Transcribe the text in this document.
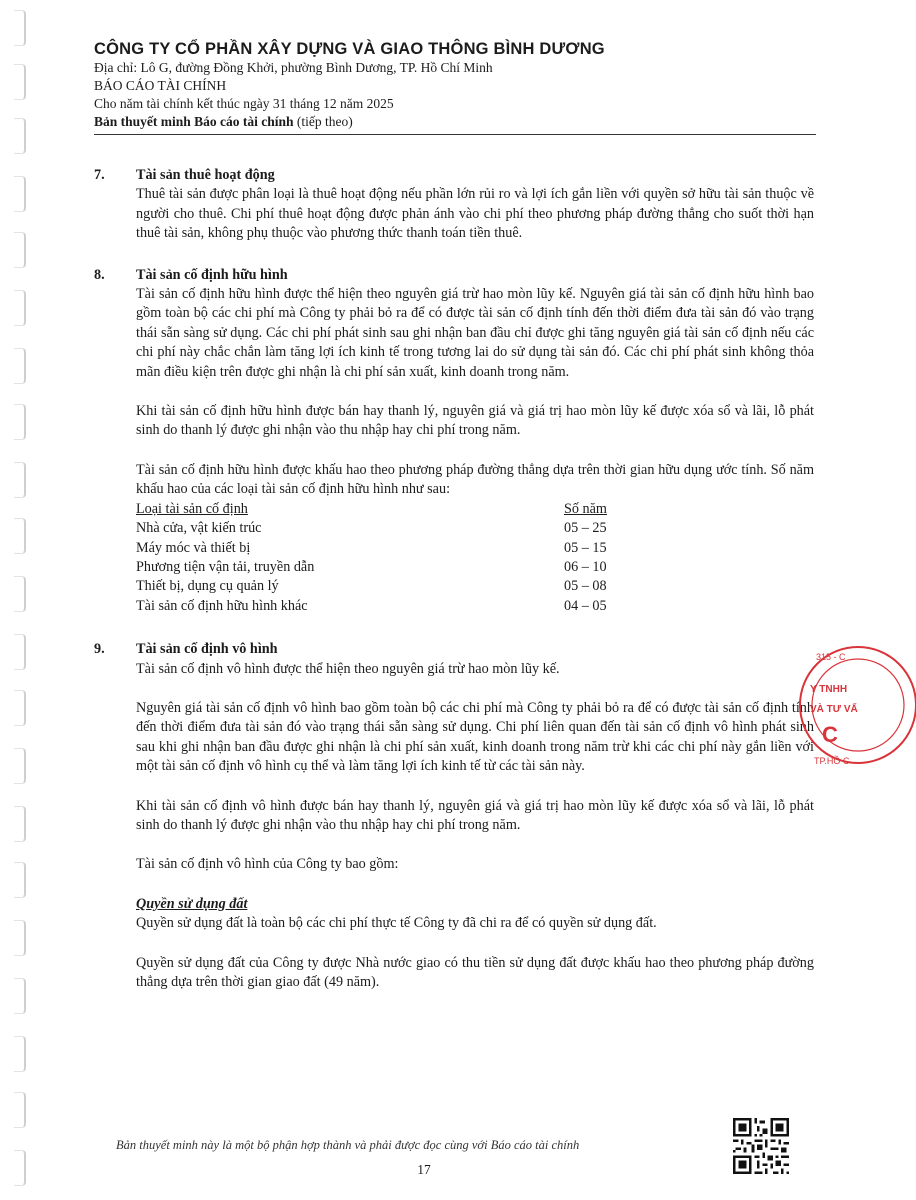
CÔNG TY CỔ PHẦN XÂY DỰNG VÀ GIAO THÔNG BÌNH DƯƠNG
Địa chỉ: Lô G, đường Đồng Khởi, phường Bình Dương, TP. Hồ Chí Minh
BÁO CÁO TÀI CHÍNH
Cho năm tài chính kết thúc ngày 31 tháng 12 năm 2025
Bản thuyết minh Báo cáo tài chính (tiếp theo)
7.	Tài sản thuê hoạt động

Thuê tài sản được phân loại là thuê hoạt động nếu phần lớn rủi ro và lợi ích gắn liền với quyền sở hữu tài sản thuộc về người cho thuê. Chi phí thuê hoạt động được phản ánh vào chi phí theo phương pháp đường thẳng cho suốt thời hạn thuê tài sản, không phụ thuộc vào phương thức thanh toán tiền thuê.

8.	Tài sản cố định hữu hình

Tài sản cố định hữu hình được thể hiện theo nguyên giá trừ hao mòn lũy kế. Nguyên giá tài sản cố định hữu hình bao gồm toàn bộ các chi phí mà Công ty phải bỏ ra để có được tài sản cố định tính đến thời điểm đưa tài sản đó vào trạng thái sẵn sàng sử dụng. Các chi phí phát sinh sau ghi nhận ban đầu chỉ được ghi tăng nguyên giá tài sản cố định nếu các chi phí này chắc chắn làm tăng lợi ích kinh tế trong tương lai do sử dụng tài sản đó. Các chi phí phát sinh không thỏa mãn điều kiện trên được ghi nhận là chi phí sản xuất, kinh doanh trong năm.

Khi tài sản cố định hữu hình được bán hay thanh lý, nguyên giá và giá trị hao mòn lũy kế được xóa sổ và lãi, lỗ phát sinh do thanh lý được ghi nhận vào thu nhập hay chi phí trong năm.

Tài sản cố định hữu hình được khấu hao theo phương pháp đường thẳng dựa trên thời gian hữu dụng ước tính. Số năm khấu hao của các loại tài sản cố định hữu hình như sau:

Loại tài sản cố định	Số năm
Nhà cửa, vật kiến trúc	05 – 25
Máy móc và thiết bị	05 – 15
Phương tiện vận tải, truyền dẫn	06 – 10
Thiết bị, dụng cụ quản lý	05 – 08
Tài sản cố định hữu hình khác	04 – 05
9.	Tài sản cố định vô hình

Tài sản cố định vô hình được thể hiện theo nguyên giá trừ hao mòn lũy kế.

Nguyên giá tài sản cố định vô hình bao gồm toàn bộ các chi phí mà Công ty phải bỏ ra để có được tài sản cố định tính đến thời điểm đưa tài sản đó vào trạng thái sẵn sàng sử dụng. Chi phí liên quan đến tài sản cố định vô hình phát sinh sau khi ghi nhận ban đầu được ghi nhận là chi phí sản xuất, kinh doanh trong năm trừ khi các chi phí này gắn liền với một tài sản cố định vô hình cụ thể và làm tăng lợi ích kinh tế từ các tài sản này.

Khi tài sản cố định vô hình được bán hay thanh lý, nguyên giá và giá trị hao mòn lũy kế được xóa sổ và lãi, lỗ phát sinh do thanh lý được ghi nhận vào thu nhập hay chi phí trong năm.

Tài sản cố định vô hình của Công ty bao gồm:

Quyền sử dụng đất

Quyền sử dụng đất là toàn bộ các chi phí thực tế Công ty đã chi ra để có quyền sử dụng đất.

Quyền sử dụng đất của Công ty được Nhà nước giao có thu tiền sử dụng đất được khấu hao theo phương pháp đường thẳng dựa trên thời gian giao đất (49 năm).

315 - C
Y TNHH
VÀ TƯ VẤ
C
TP.HỒ C
Bản thuyết minh này là một bộ phận hợp thành và phải được đọc cùng với Báo cáo tài chính
17
